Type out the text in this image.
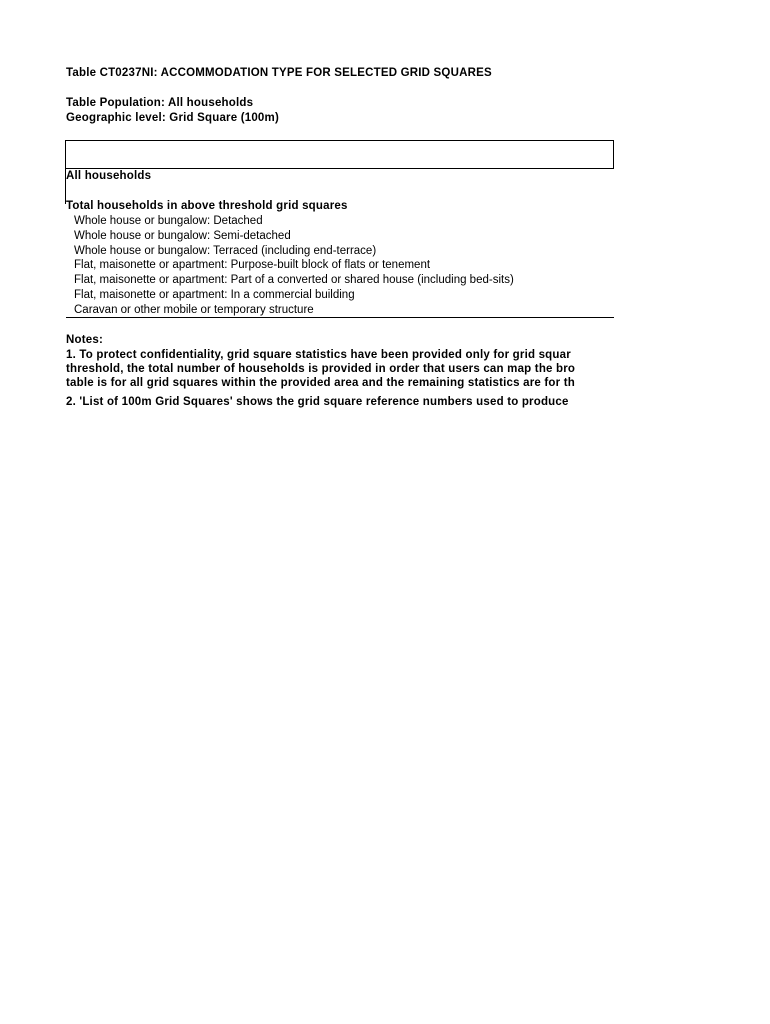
Table CT0237NI: ACCOMMODATION TYPE FOR SELECTED GRID SQUARES
Table Population: All households
Geographic level: Grid Square (100m)
All households
Total households in above threshold grid squares
Whole house or bungalow: Detached
Whole house or bungalow: Semi-detached
Whole house or bungalow: Terraced (including end-terrace)
Flat, maisonette or apartment: Purpose-built block of flats or tenement
Flat, maisonette or apartment: Part of a converted or shared house (including bed-sits)
Flat, maisonette or apartment: In a commercial building
Caravan or other mobile or temporary structure
Notes:
1. To protect confidentiality, grid square statistics have been provided only for grid squar
threshold, the total number of households is provided in order that users can map the bro
table is for all grid squares within the provided area and the remaining statistics are for th
2. 'List of 100m Grid Squares' shows the grid square reference numbers used to produce
